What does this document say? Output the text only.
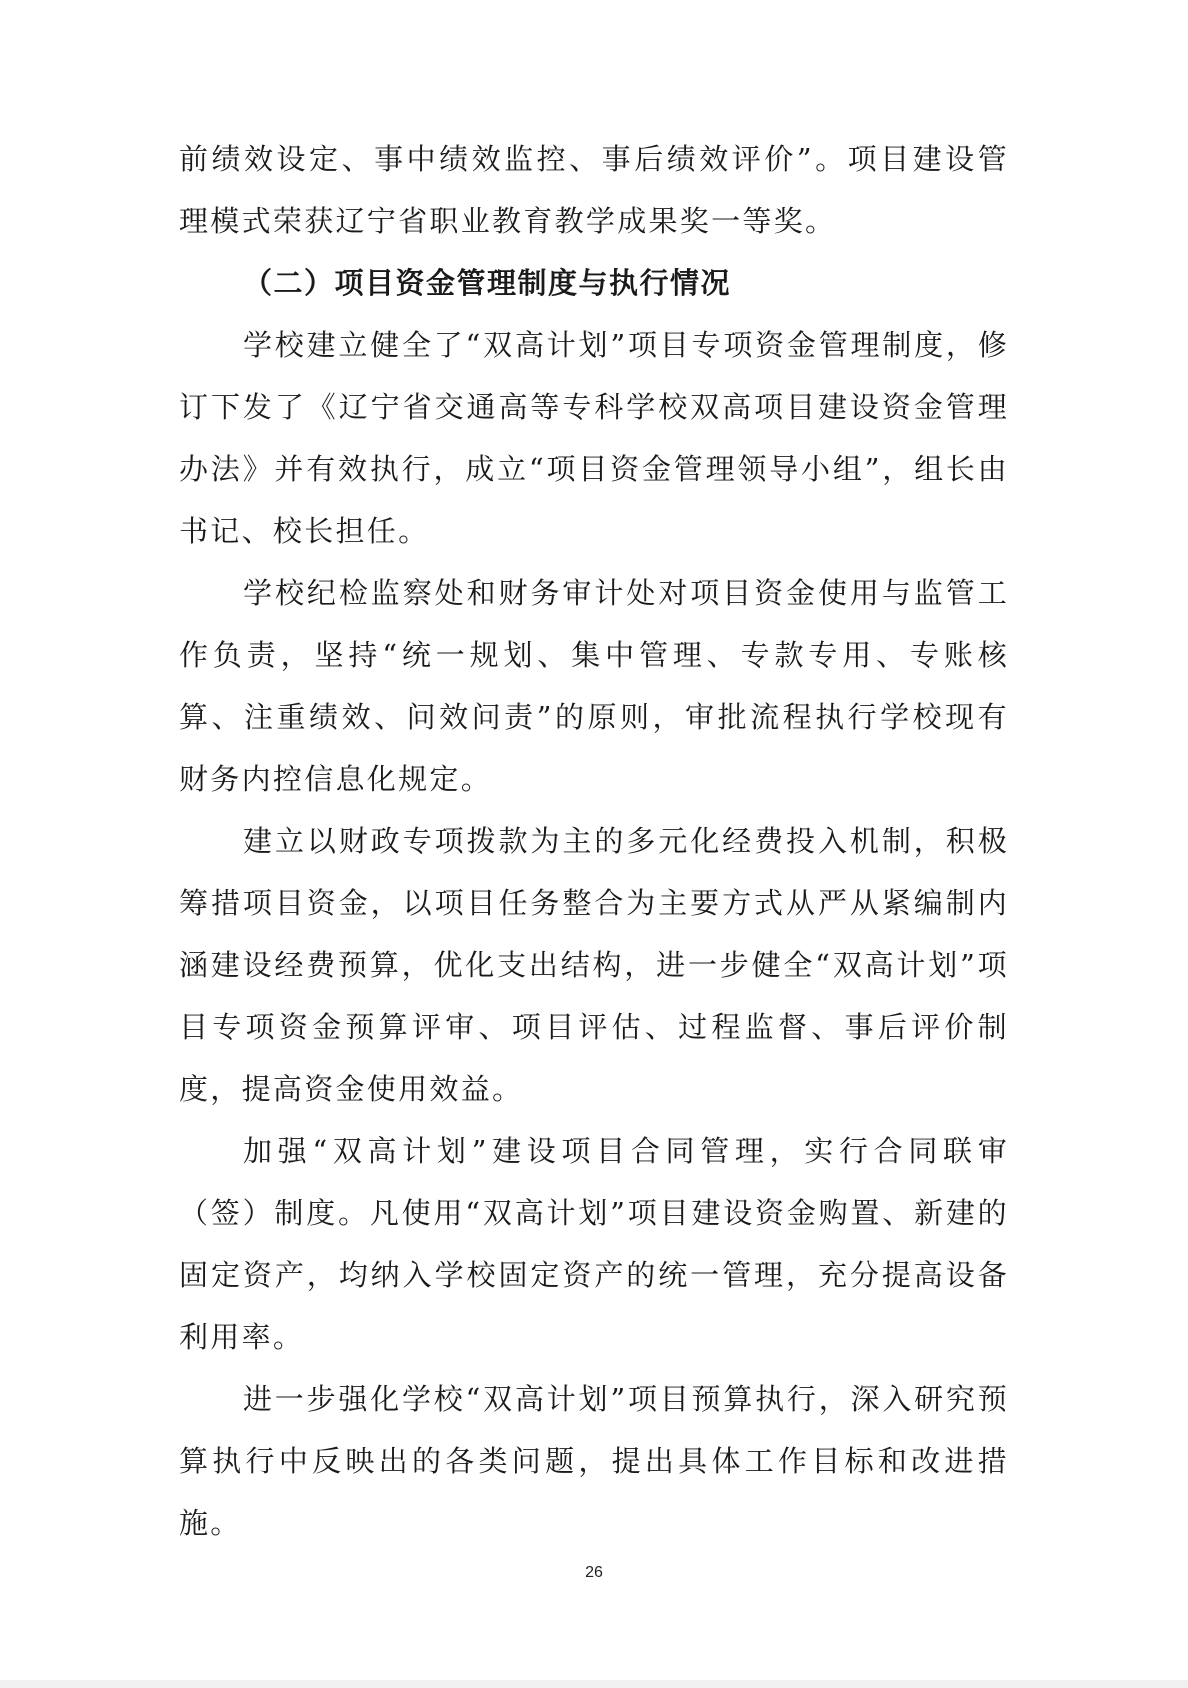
前绩效设定、事中绩效监控、事后绩效评价”。项目建设管理模式荣获辽宁省职业教育教学成果奖一等奖。

（二）项目资金管理制度与执行情况

学校建立健全了“双高计划”项目专项资金管理制度，修订下发了《辽宁省交通高等专科学校双高项目建设资金管理办法》并有效执行，成立“项目资金管理领导小组”，组长由书记、校长担任。

学校纪检监察处和财务审计处对项目资金使用与监管工作负责，坚持“统一规划、集中管理、专款专用、专账核算、注重绩效、问效问责”的原则，审批流程执行学校现有财务内控信息化规定。

建立以财政专项拨款为主的多元化经费投入机制，积极筹措项目资金，以项目任务整合为主要方式从严从紧编制内涵建设经费预算，优化支出结构，进一步健全“双高计划”项目专项资金预算评审、项目评估、过程监督、事后评价制度，提高资金使用效益。

加强“双高计划”建设项目合同管理，实行合同联审（签）制度。凡使用“双高计划”项目建设资金购置、新建的固定资产，均纳入学校固定资产的统一管理，充分提高设备利用率。

进一步强化学校“双高计划”项目预算执行，深入研究预算执行中反映出的各类问题，提出具体工作目标和改进措施。

26
